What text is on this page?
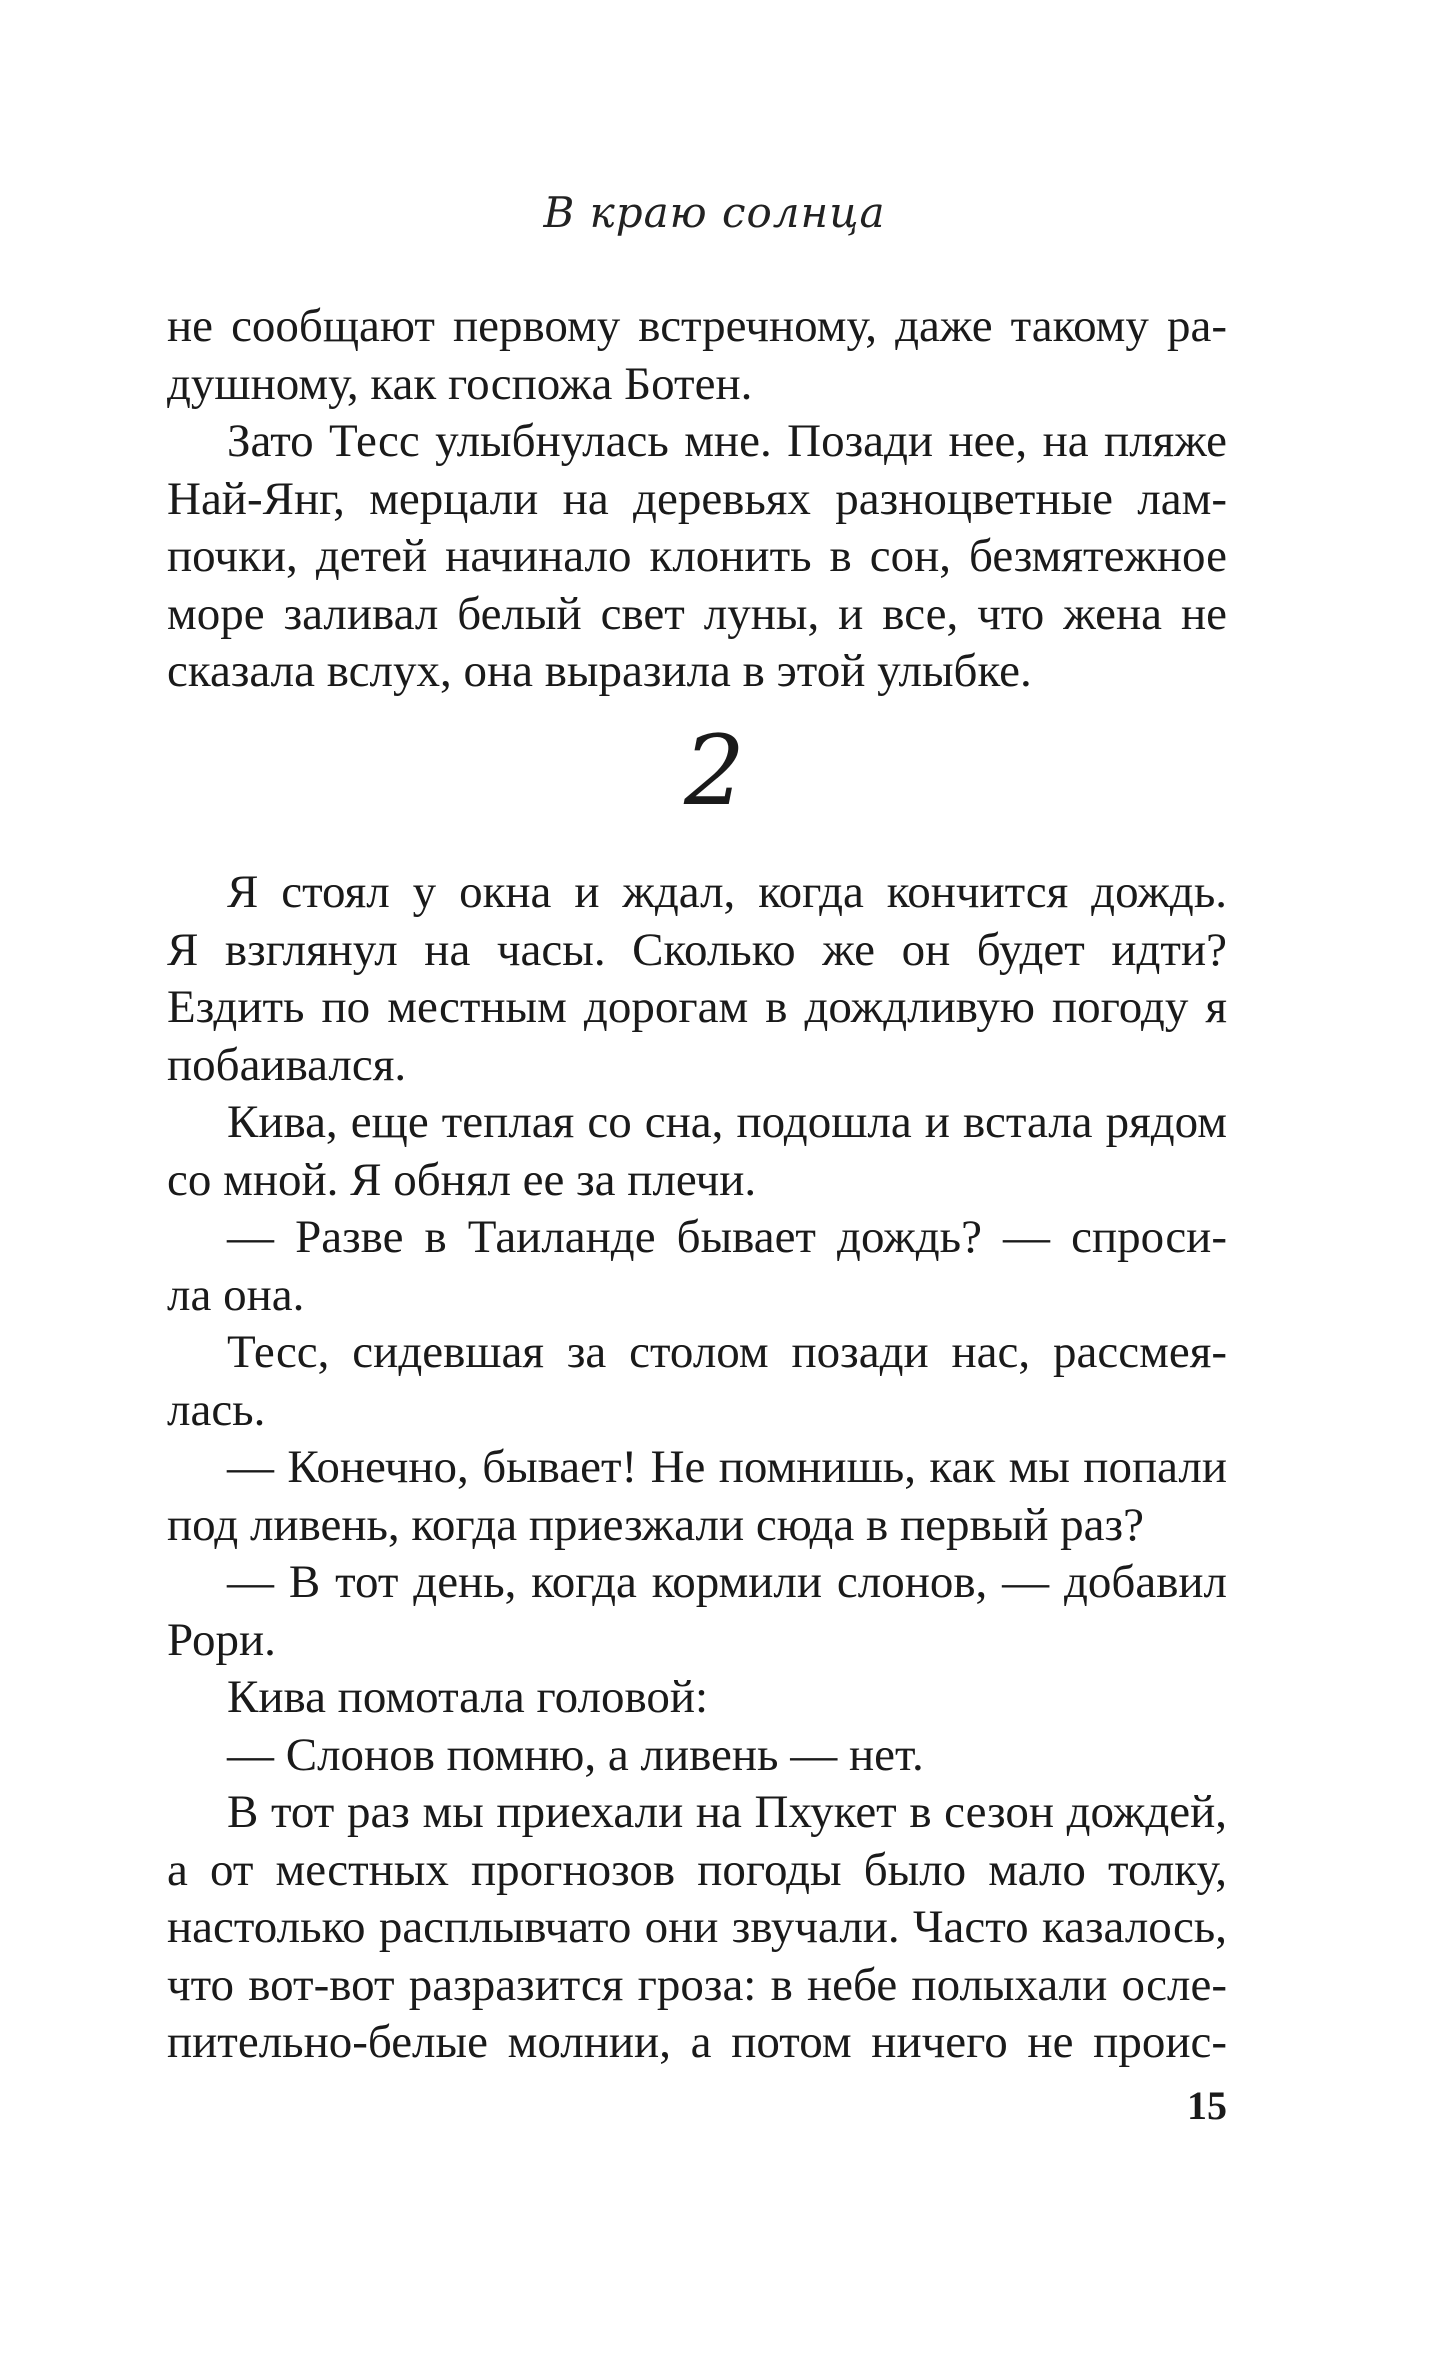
В краю солнца
не сообщают первому встречному, даже такому ра-
душному, как госпожа Ботен.
Зато Тесс улыбнулась мне. Позади нее, на пляже
Най-Янг, мерцали на деревьях разноцветные лам-
почки, детей начинало клонить в сон, безмятежное
море заливал белый свет луны, и все, что жена не
сказала вслух, она выразила в этой улыбке.
2
Я стоял у окна и ждал, когда кончится дождь.
Я взглянул на часы. Сколько же он будет идти?
Ездить по местным дорогам в дождливую погоду я
побаивался.
Кива, еще теплая со сна, подошла и встала рядом
со мной. Я обнял ее за плечи.
— Разве в Таиланде бывает дождь? — спроси-
ла она.
Тесс, сидевшая за столом позади нас, рассмея-
лась.
— Конечно, бывает! Не помнишь, как мы попали
под ливень, когда приезжали сюда в первый раз?
— В тот день, когда кормили слонов, — добавил
Рори.
Кива помотала головой:
— Слонов помню, а ливень — нет.
В тот раз мы приехали на Пхукет в сезон дождей,
а от местных прогнозов погоды было мало толку,
настолько расплывчато они звучали. Часто казалось,
что вот-вот разразится гроза: в небе полыхали осле-
пительно-белые молнии, а потом ничего не проис-
15
